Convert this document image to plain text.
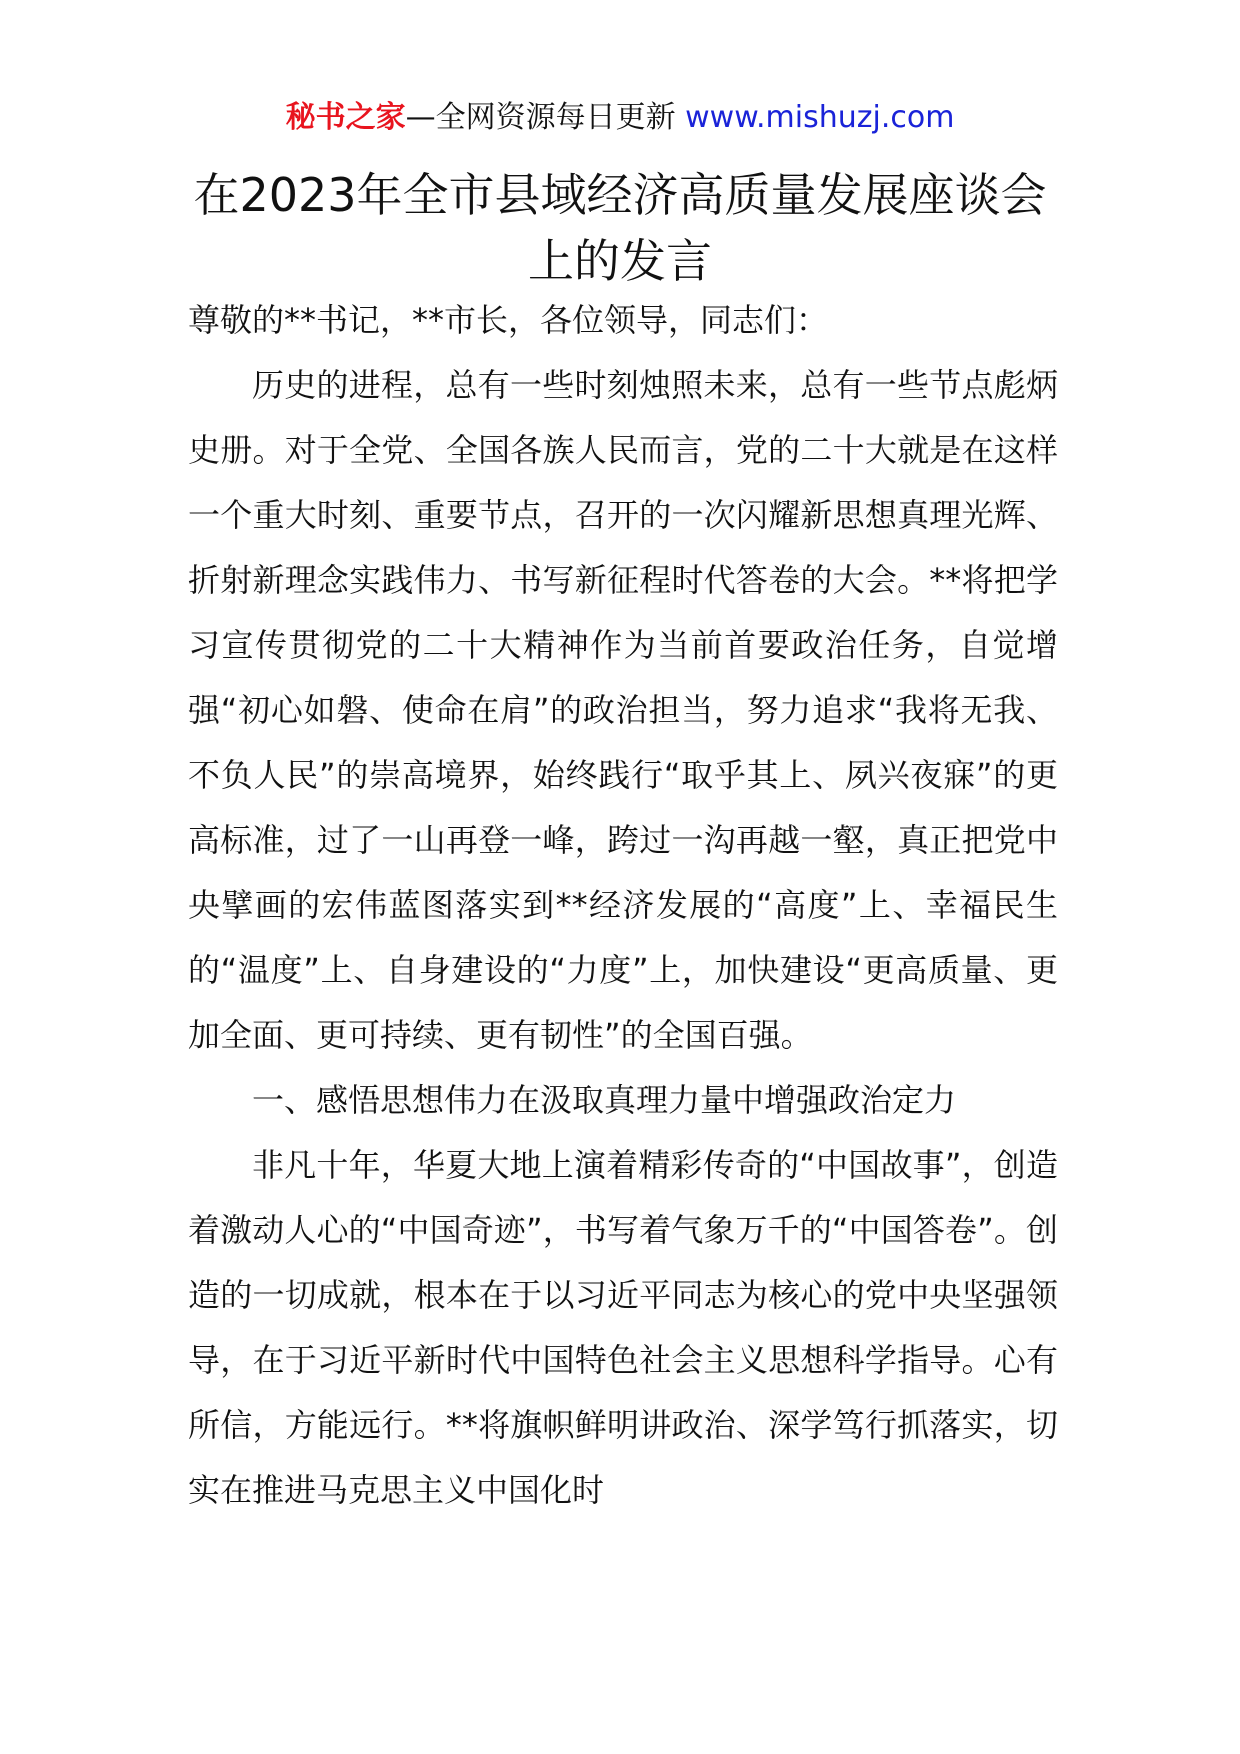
秘书之家—全网资源每日更新 www.mishuzj.com
在2023年全市县域经济高质量发展座谈会上的发言

尊敬的**书记，**市长，各位领导，同志们：

历史的进程，总有一些时刻烛照未来，总有一些节点彪炳史册。对于全党、全国各族人民而言，党的二十大就是在这样一个重大时刻、重要节点，召开的一次闪耀新思想真理光辉、折射新理念实践伟力、书写新征程时代答卷的大会。**将把学习宣传贯彻党的二十大精神作为当前首要政治任务，自觉增强“初心如磐、使命在肩”的政治担当，努力追求“我将无我、不负人民”的崇高境界，始终践行“取乎其上、夙兴夜寐”的更高标准，过了一山再登一峰，跨过一沟再越一壑，真正把党中央擘画的宏伟蓝图落实到**经济发展的“高度”上、幸福民生的“温度”上、自身建设的“力度”上，加快建设“更高质量、更加全面、更可持续、更有韧性”的全国百强。

一、感悟思想伟力在汲取真理力量中增强政治定力

非凡十年，华夏大地上演着精彩传奇的“中国故事”，创造着激动人心的“中国奇迹”，书写着气象万千的“中国答卷”。创造的一切成就，根本在于以习近平同志为核心的党中央坚强领导，在于习近平新时代中国特色社会主义思想科学指导。心有所信，方能远行。**将旗帜鲜明讲政治、深学笃行抓落实，切实在推进马克思主义中国化时
